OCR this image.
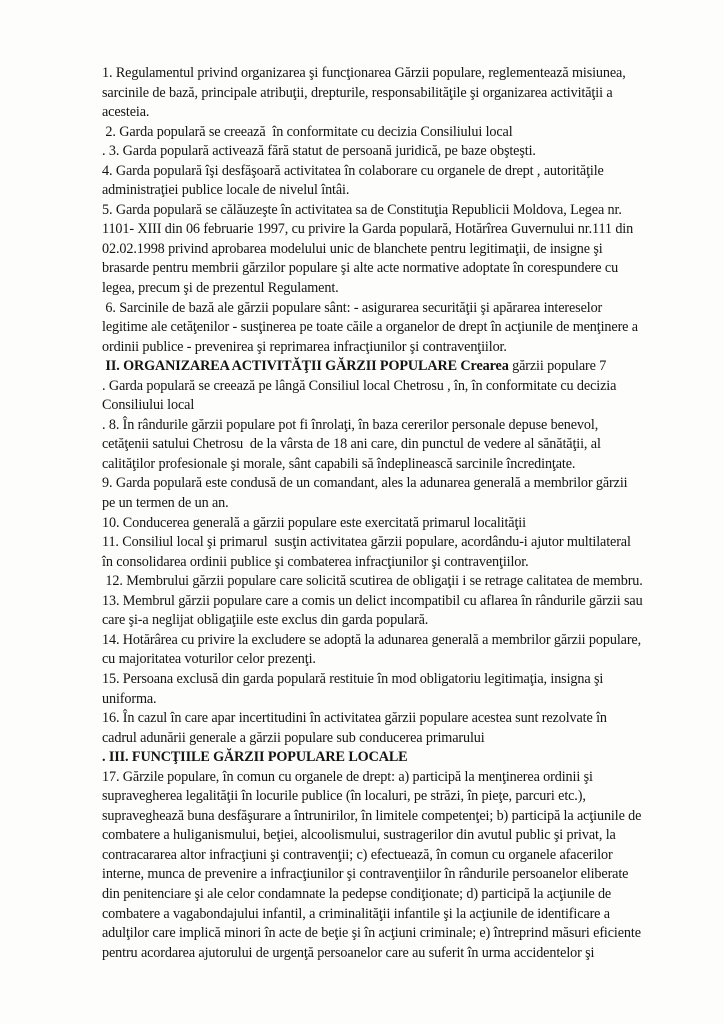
1. Regulamentul privind organizarea şi funcţionarea Gărzii populare, reglementează misiunea,
sarcinile de bază, principale atribuţii, drepturile, responsabilităţile şi organizarea activităţii a
acesteia.
2. Garda populară se creează  în conformitate cu decizia Consiliului local
. 3. Garda populară activează fără statut de persoană juridică, pe baze obşteşti.
4. Garda populară îşi desfăşoară activitatea în colaborare cu organele de drept , autorităţile
administraţiei publice locale de nivelul întâi.
5. Garda populară se călăuzeşte în activitatea sa de Constituţia Republicii Moldova, Legea nr.
1101- XIII din 06 februarie 1997, cu privire la Garda populară, Hotărîrea Guvernului nr.111 din
02.02.1998 privind aprobarea modelului unic de blanchete pentru legitimaţii, de insigne şi
brasarde pentru membrii gărzilor populare şi alte acte normative adoptate în corespundere cu
legea, precum şi de prezentul Regulament.
6. Sarcinile de bază ale gărzii populare sânt: - asigurarea securităţii şi apărarea intereselor
legitime ale cetăţenilor - susţinerea pe toate căile a organelor de drept în acţiunile de menţinere a
ordinii publice - prevenirea şi reprimarea infracţiunilor şi contravenţiilor.
II. ORGANIZAREA ACTIVITĂŢII GĂRZII POPULARE Crearea gărzii populare 7
. Garda populară se creează pe lângă Consiliul local Chetrosu , în, în conformitate cu decizia
Consiliului local
. 8. În rândurile gărzii populare pot fi înrolaţi, în baza cererilor personale depuse benevol,
cetăţenii satului Chetrosu  de la vârsta de 18 ani care, din punctul de vedere al sănătăţii, al
calităţilor profesionale şi morale, sânt capabili să îndeplinească sarcinile încredinţate.
9. Garda populară este condusă de un comandant, ales la adunarea generală a membrilor gărzii
pe un termen de un an.
10. Conducerea generală a gărzii populare este exercitată primarul localităţii
11. Consiliul local şi primarul  susţin activitatea gărzii populare, acordându-i ajutor multilateral
în consolidarea ordinii publice şi combaterea infracţiunilor şi contravenţiilor.
12. Membrului gărzii populare care solicită scutirea de obligaţii i se retrage calitatea de membru.
13. Membrul gărzii populare care a comis un delict incompatibil cu aflarea în rândurile gărzii sau
care şi-a neglijat obligaţiile este exclus din garda populară.
14. Hotărârea cu privire la excludere se adoptă la adunarea generală a membrilor gărzii populare,
cu majoritatea voturilor celor prezenţi.
15. Persoana exclusă din garda populară restituie în mod obligatoriu legitimaţia, insigna şi
uniforma.
16. În cazul în care apar incertitudini în activitatea gărzii populare acestea sunt rezolvate în
cadrul adunării generale a gărzii populare sub conducerea primarului
. III. FUNCŢIILE GĂRZII POPULARE LOCALE
17. Gărzile populare, în comun cu organele de drept: a) participă la menţinerea ordinii şi
supravegherea legalităţii în locurile publice (în localuri, pe străzi, în pieţe, parcuri etc.),
supraveghează buna desfăşurare a întrunirilor, în limitele competenţei; b) participă la acţiunile de
combatere a huliganismului, beţiei, alcoolismului, sustragerilor din avutul public şi privat, la
contracararea altor infracţiuni şi contravenţii; c) efectuează, în comun cu organele afacerilor
interne, munca de prevenire a infracţiunilor şi contravenţiilor în rândurile persoanelor eliberate
din penitenciare şi ale celor condamnate la pedepse condiţionate; d) participă la acţiunile de
combatere a vagabondajului infantil, a criminalităţii infantile şi la acţiunile de identificare a
adulţilor care implică minori în acte de beţie şi în acţiuni criminale; e) întreprind măsuri eficiente
pentru acordarea ajutorului de urgenţă persoanelor care au suferit în urma accidentelor şi
